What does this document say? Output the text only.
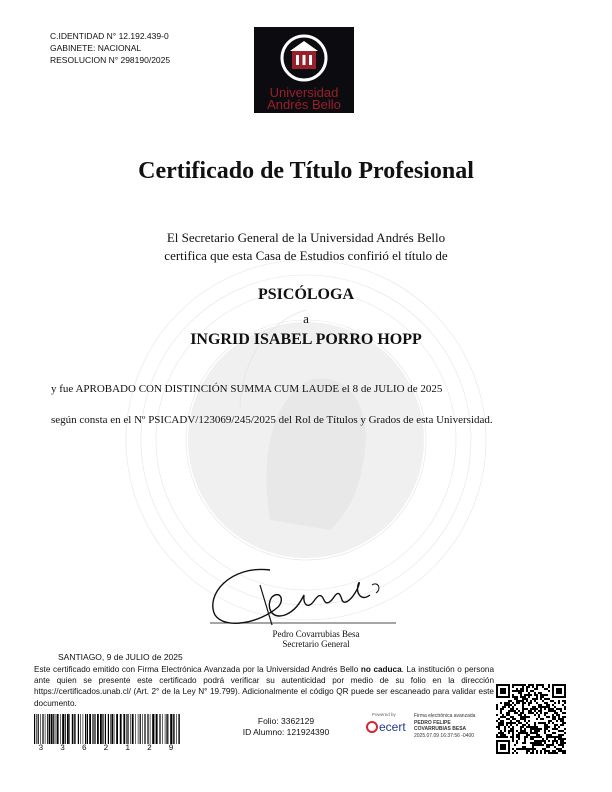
C.IDENTIDAD N° 12.192.439-0
GABINETE: NACIONAL
RESOLUCION N° 298190/2025
Universidad
Andrés Bello
Certificado de Título Profesional
El Secretario General de la Universidad Andrés Bello
certifica que esta Casa de Estudios confirió el título de
PSICÓLOGA
a
INGRID ISABEL PORRO HOPP
y fue APROBADO CON DISTINCIÓN SUMMA CUM LAUDE el 8 de JULIO de 2025
según consta en el Nº PSICADV/123069/245/2025 del Rol de Títulos y Grados de esta Universidad.
Pedro Covarrubias Besa
Secretario General
SANTIAGO, 9 de JULIO de 2025
Este certificado emitido con Firma Electrónica Avanzada por la Universidad Andrés Bello no caduca. La institución o persona ante quien se presente este certificado podrá verificar su autenticidad por medio de su folio en la dirección https://certificados.unab.cl/ (Art. 2° de la Ley N° 19.799). Adicionalmente el código QR puede ser escaneado para validar este documento.
3 3 6 2 1 2 9
Folio: 3362129
ID Alumno: 121924390
Powered by
ecert
Firma electrónica avanzada
PEDRO FELIPE
COVARRUBIAS BESA
2025.07.09 16:37:56 -0400
